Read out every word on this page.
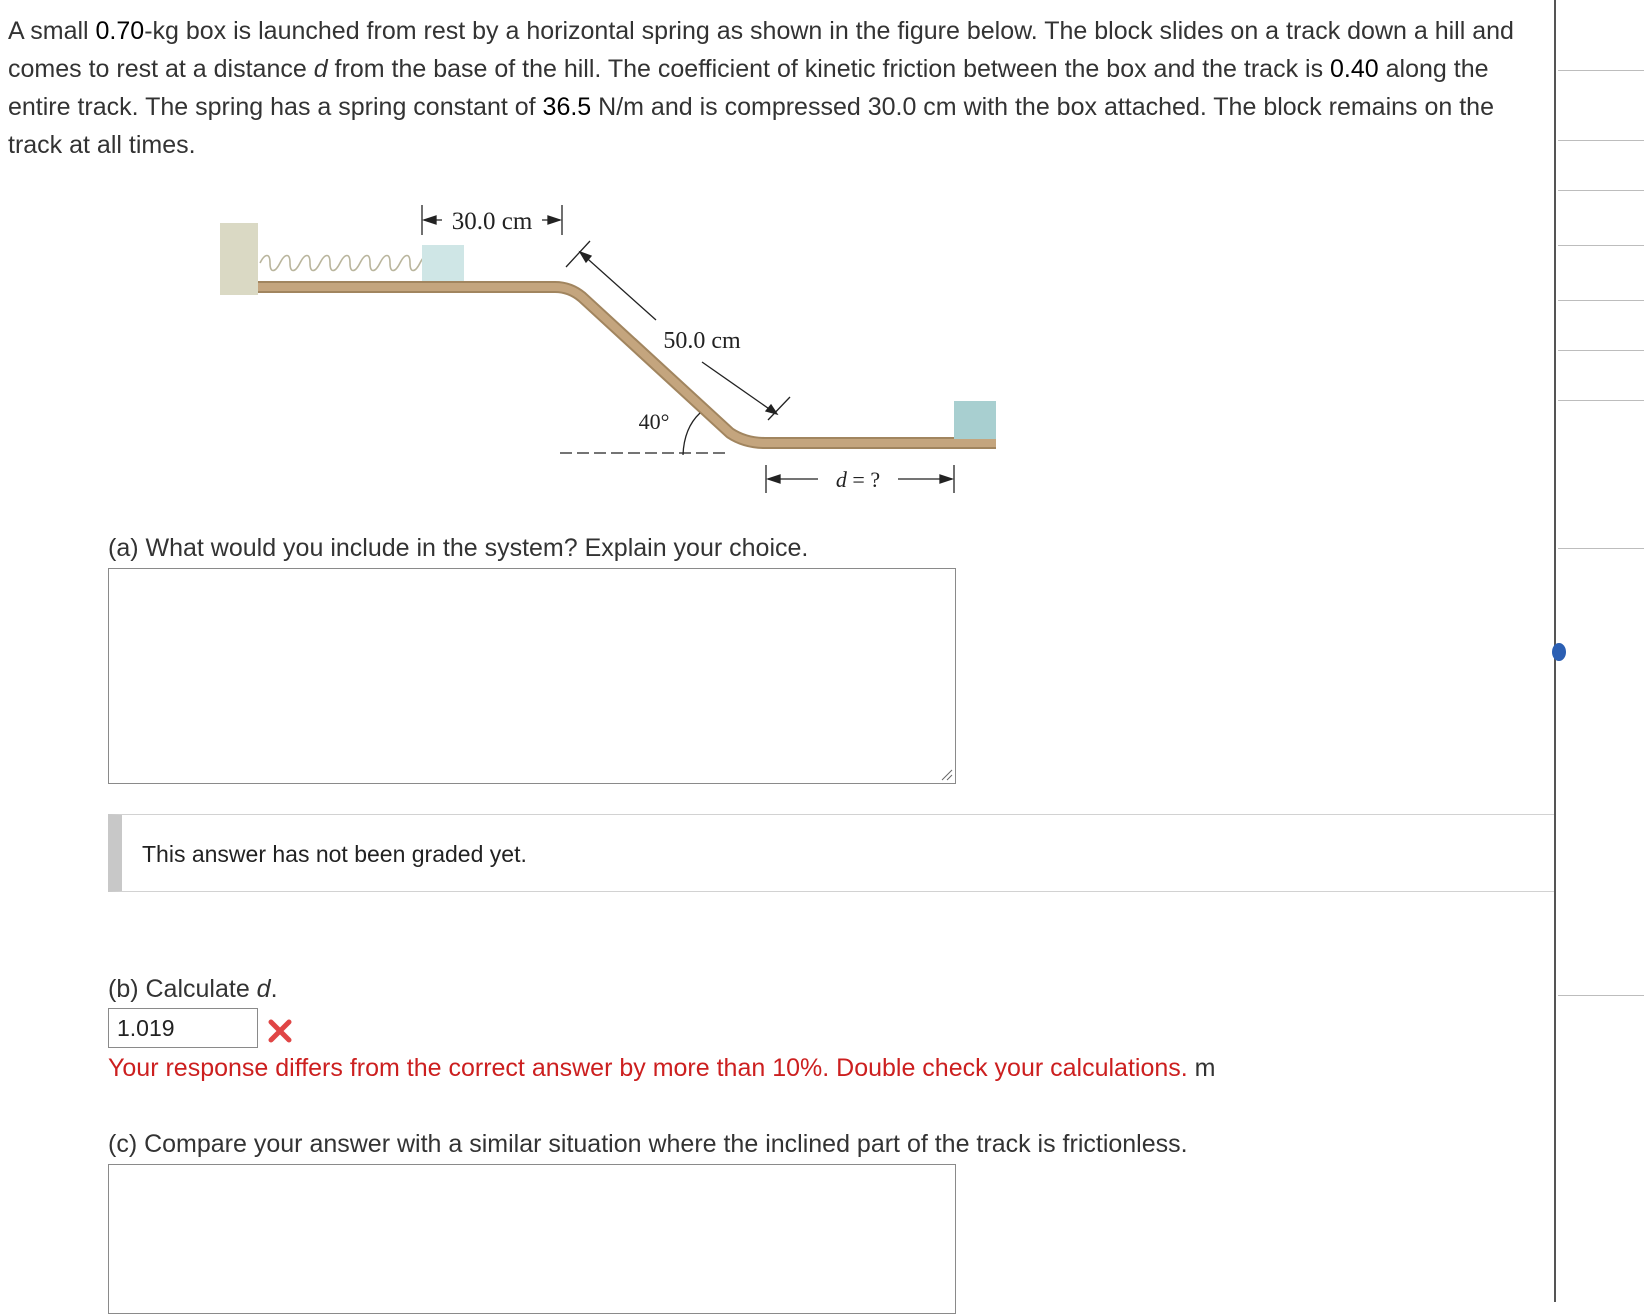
A small 0.70-kg box is launched from rest by a horizontal spring as shown in the figure below. The block slides on a track down a hill and comes to rest at a distance d from the base of the hill. The coefficient of kinetic friction between the box and the track is 0.40 along the entire track. The spring has a spring constant of 36.5 N/m and is compressed 30.0 cm with the box attached. The block remains on the track at all times.
30.0 cm
50.0 cm
40°
d = ?
(a) What would you include in the system? Explain your choice.
This answer has not been graded yet.
(b) Calculate d.
1.019
Your response differs from the correct answer by more than 10%. Double check your calculations. m
(c) Compare your answer with a similar situation where the inclined part of the track is frictionless.
